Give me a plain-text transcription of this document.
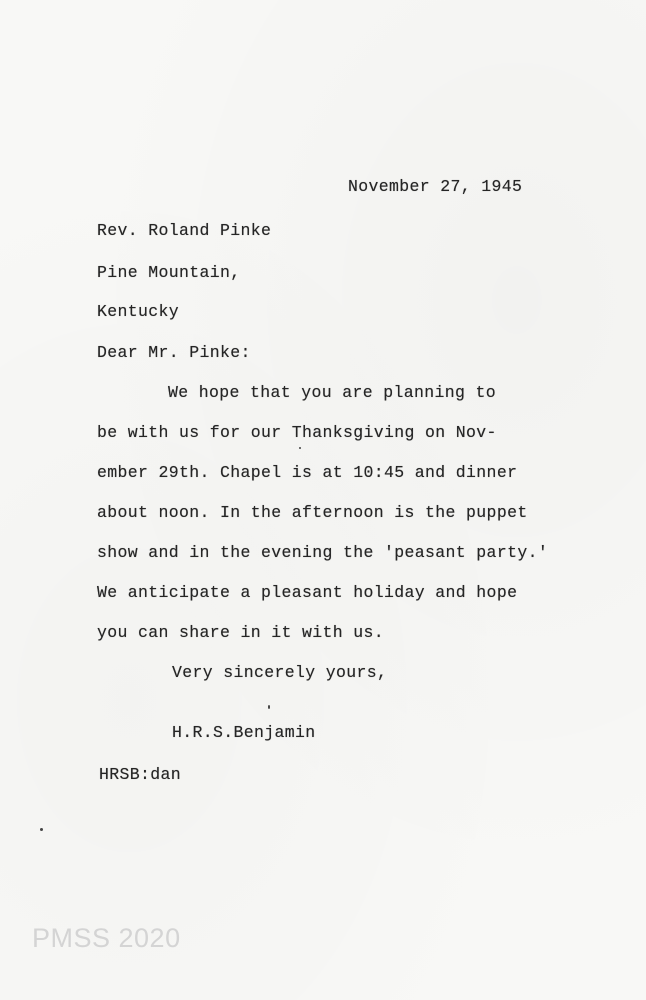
November 27, 1945
Rev. Roland Pinke
Pine Mountain,
Kentucky
Dear Mr. Pinke:
We hope that you are planning to
be with us for our Thanksgiving on Nov-
ember 29th. Chapel is at 10:45 and dinner
about noon. In the afternoon is the puppet
show and in the evening the 'peasant party.'
We anticipate a pleasant holiday and hope
you can share in it with us.
Very sincerely yours,
H.R.S.Benjamin
HRSB:dan
PMSS 2020
